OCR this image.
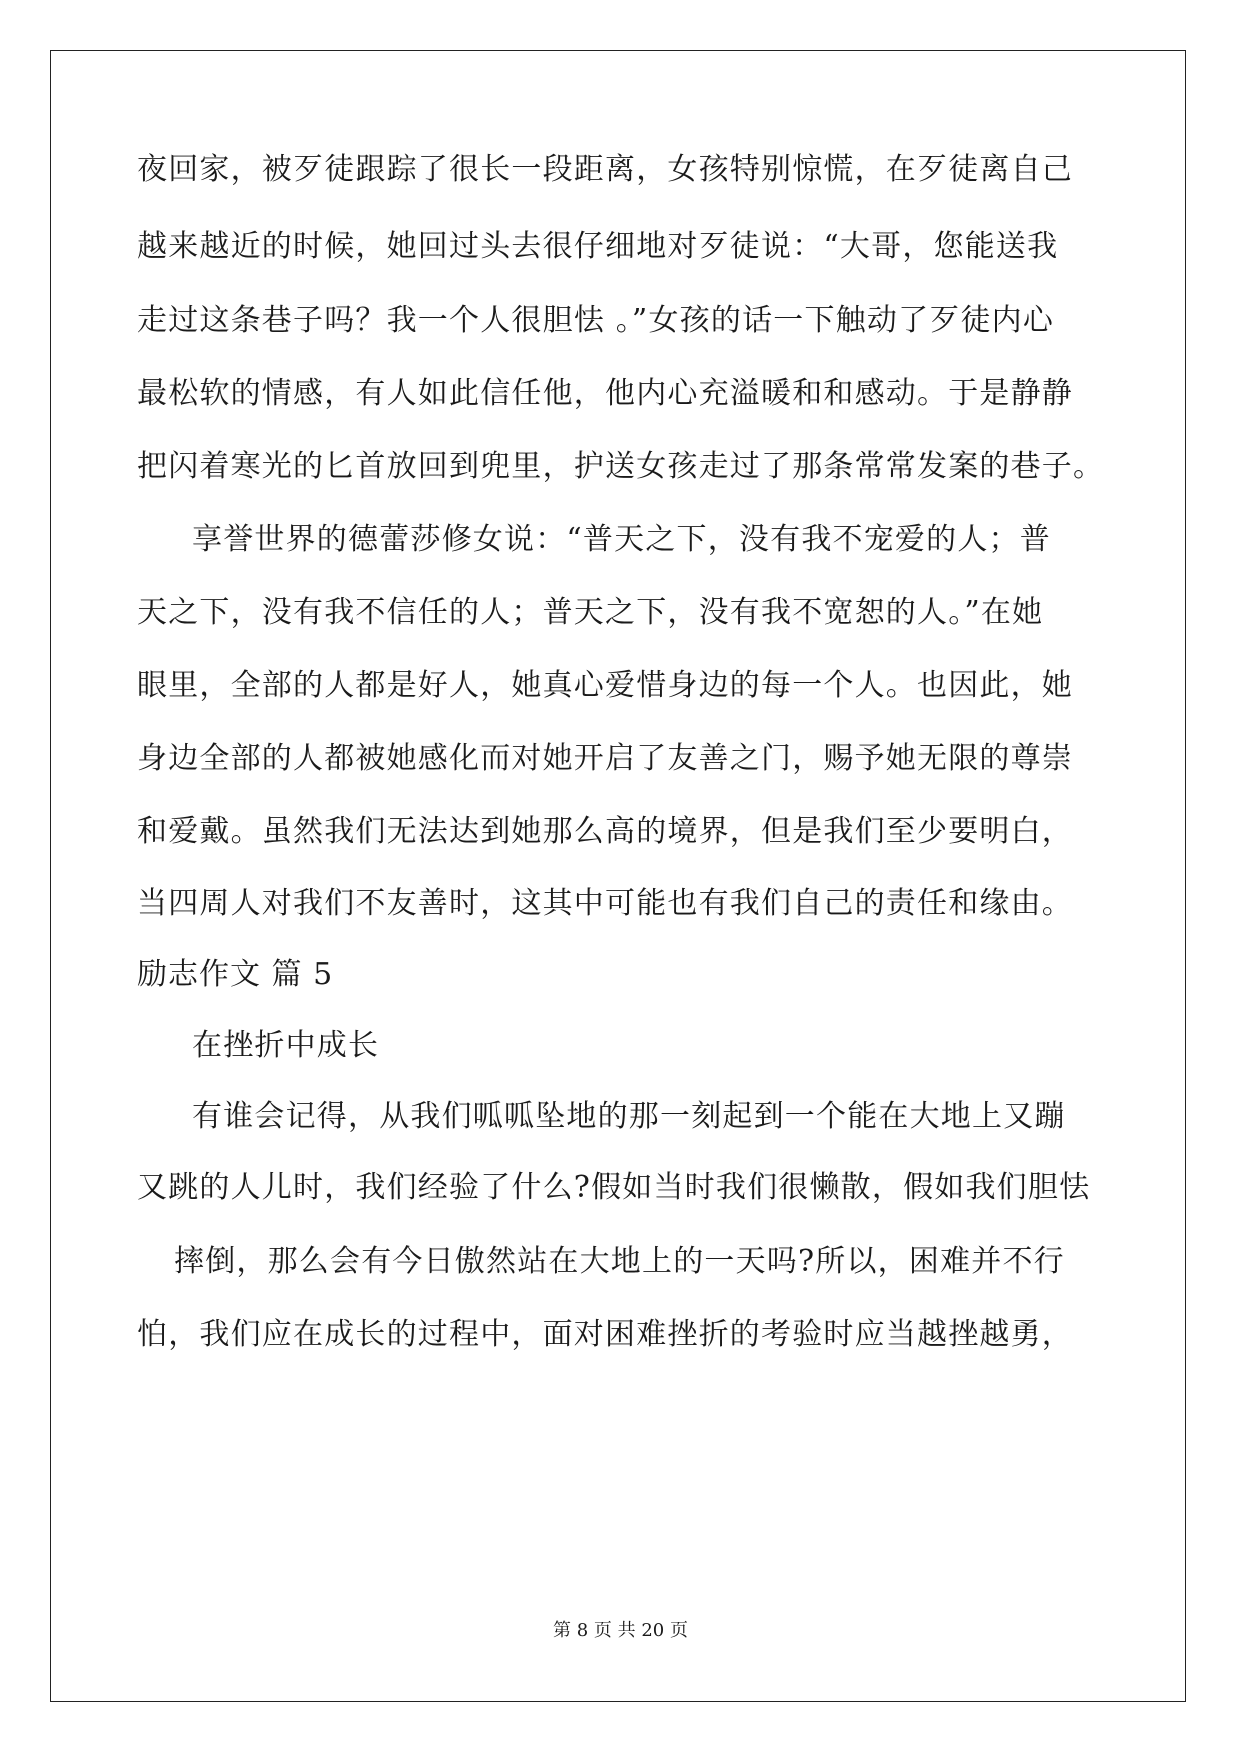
夜回家，被歹徒跟踪了很长一段距离，女孩特别惊慌，在歹徒离自己
越来越近的时候，她回过头去很仔细地对歹徒说：“大哥，您能送我
走过这条巷子吗？我一个人很胆怯 。”女孩的话一下触动了歹徒内心
最松软的情感，有人如此信任他，他内心充溢暖和和感动。于是静静
把闪着寒光的匕首放回到兜里，护送女孩走过了那条常常发案的巷子。
享誉世界的德蕾莎修女说：“普天之下，没有我不宠爱的人；普
天之下，没有我不信任的人；普天之下，没有我不宽恕的人。”在她
眼里，全部的人都是好人，她真心爱惜身边的每一个人。也因此，她
身边全部的人都被她感化而对她开启了友善之门，赐予她无限的尊崇
和爱戴。虽然我们无法达到她那么高的境界，但是我们至少要明白，
当四周人对我们不友善时，这其中可能也有我们自己的责任和缘由。
励志作文 篇 5
在挫折中成长
有谁会记得，从我们呱呱坠地的那一刻起到一个能在大地上又蹦
又跳的人儿时，我们经验了什么?假如当时我们很懒散，假如我们胆怯
摔倒，那么会有今日傲然站在大地上的一天吗?所以，困难并不行
怕，我们应在成长的过程中，面对困难挫折的考验时应当越挫越勇，
第 8 页 共 20 页
